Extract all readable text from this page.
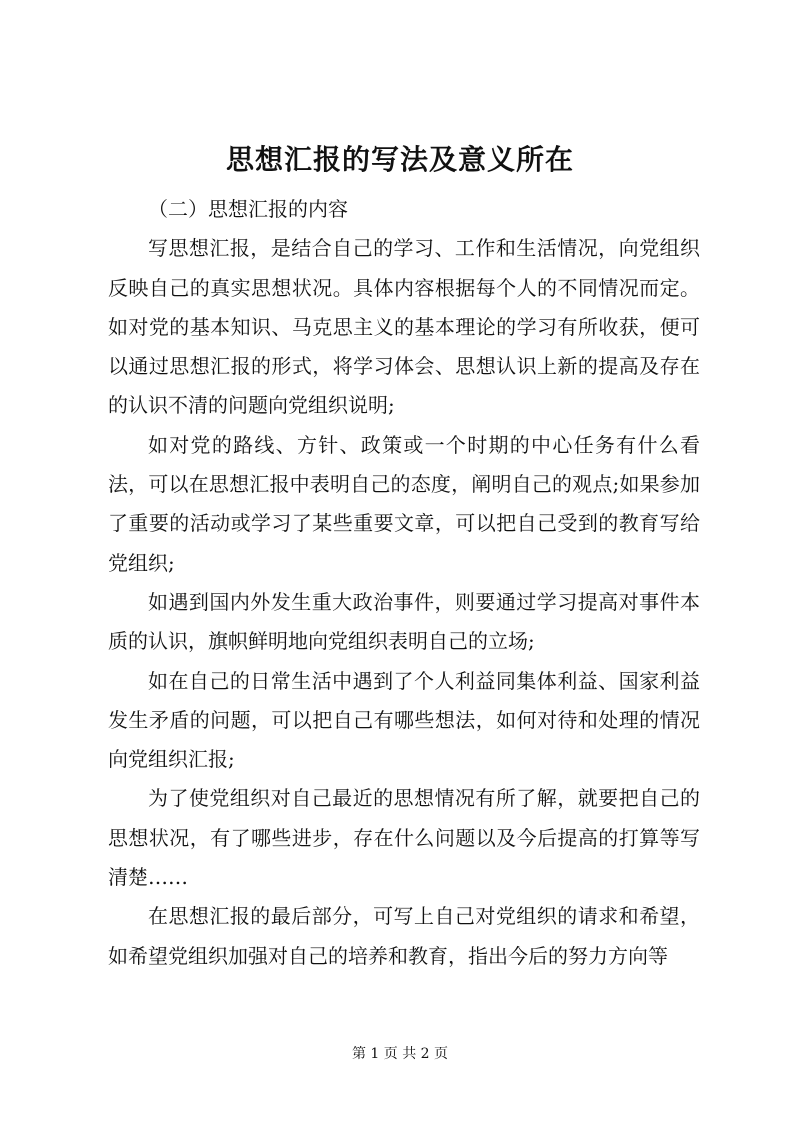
思想汇报的写法及意义所在

（二）思想汇报的内容

写思想汇报，是结合自己的学习、工作和生活情况，向党组织反映自己的真实思想状况。具体内容根据每个人的不同情况而定。如对党的基本知识、马克思主义的基本理论的学习有所收获，便可以通过思想汇报的形式，将学习体会、思想认识上新的提高及存在的认识不清的问题向党组织说明;

如对党的路线、方针、政策或一个时期的中心任务有什么看法，可以在思想汇报中表明自己的态度，阐明自己的观点;如果参加了重要的活动或学习了某些重要文章，可以把自己受到的教育写给党组织;

如遇到国内外发生重大政治事件，则要通过学习提高对事件本质的认识，旗帜鲜明地向党组织表明自己的立场;

如在自己的日常生活中遇到了个人利益同集体利益、国家利益发生矛盾的问题，可以把自己有哪些想法，如何对待和处理的情况向党组织汇报;

为了使党组织对自己最近的思想情况有所了解，就要把自己的思想状况，有了哪些进步，存在什么问题以及今后提高的打算等写清楚……

在思想汇报的最后部分，可写上自己对党组织的请求和希望，如希望党组织加强对自己的培养和教育，指出今后的努力方向等

第 1 页 共 2 页
